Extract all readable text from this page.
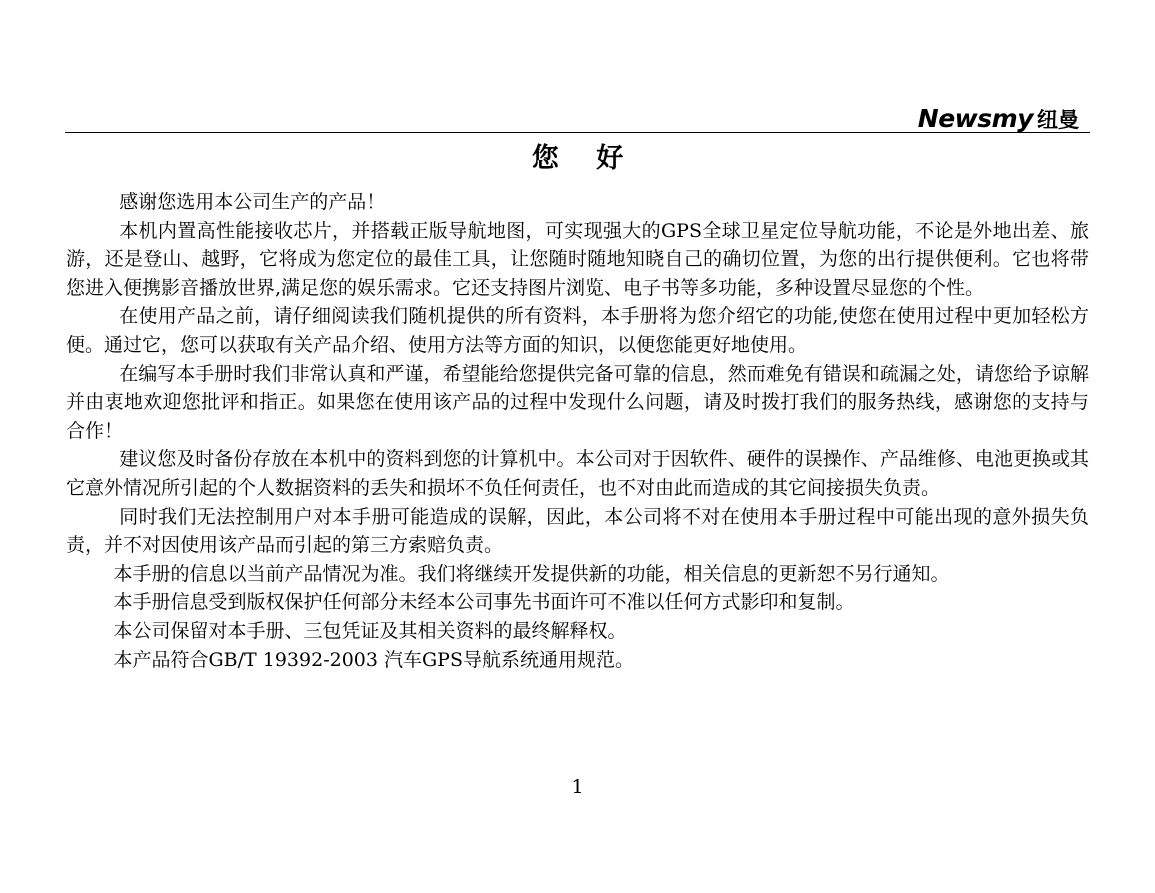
Newsmy 纽曼
您 好

感谢您选用本公司生产的产品！

本机内置高性能接收芯片，并搭载正版导航地图，可实现强大的GPS全球卫星定位导航功能，不论是外地出差、旅游，还是登山、越野，它将成为您定位的最佳工具，让您随时随地知晓自己的确切位置，为您的出行提供便利。它也将带您进入便携影音播放世界,满足您的娱乐需求。它还支持图片浏览、电子书等多功能，多种设置尽显您的个性。

在使用产品之前，请仔细阅读我们随机提供的所有资料，本手册将为您介绍它的功能,使您在使用过程中更加轻松方便。通过它，您可以获取有关产品介绍、使用方法等方面的知识，以便您能更好地使用。

在编写本手册时我们非常认真和严谨，希望能给您提供完备可靠的信息，然而难免有错误和疏漏之处，请您给予谅解并由衷地欢迎您批评和指正。如果您在使用该产品的过程中发现什么问题，请及时拨打我们的服务热线，感谢您的支持与合作！

建议您及时备份存放在本机中的资料到您的计算机中。本公司对于因软件、硬件的误操作、产品维修、电池更换或其它意外情况所引起的个人数据资料的丢失和损坏不负任何责任，也不对由此而造成的其它间接损失负责。

同时我们无法控制用户对本手册可能造成的误解，因此，本公司将不对在使用本手册过程中可能出现的意外损失负责，并不对因使用该产品而引起的第三方索赔负责。

本手册的信息以当前产品情况为准。我们将继续开发提供新的功能，相关信息的更新恕不另行通知。

本手册信息受到版权保护任何部分未经本公司事先书面许可不准以任何方式影印和复制。

本公司保留对本手册、三包凭证及其相关资料的最终解释权。

本产品符合GB/T 19392-2003 汽车GPS导航系统通用规范。

1
